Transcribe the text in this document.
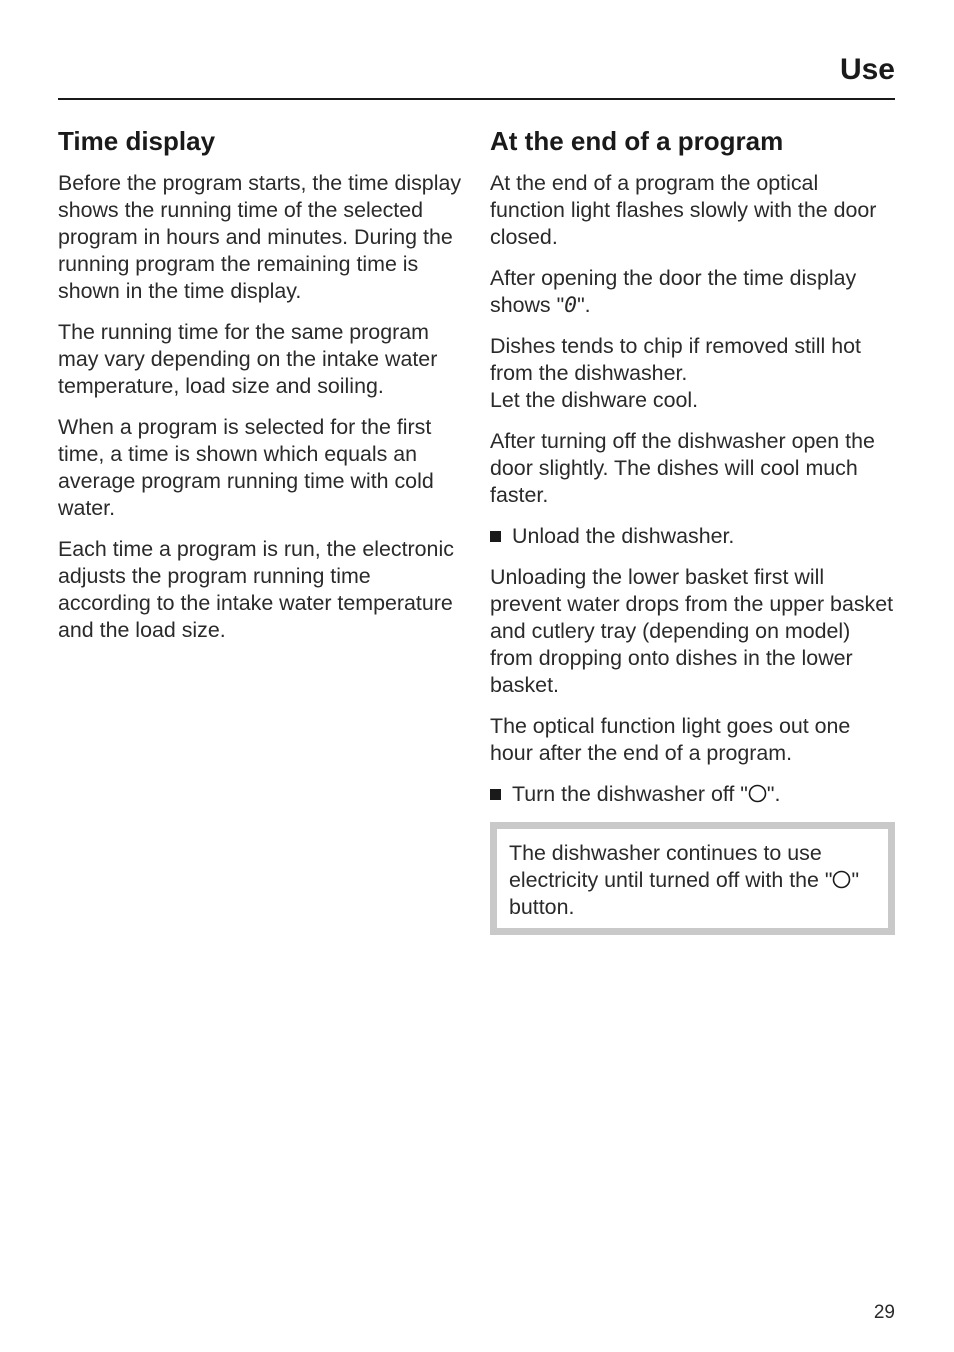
Use
Time display

Before the program starts, the time display shows the running time of the selected program in hours and minutes. During the running program the remaining time is shown in the time display.

The running time for the same program may vary depending on the intake water temperature, load size and soiling.

When a program is selected for the first time, a time is shown which equals an average program running time with cold water.

Each time a program is run, the electronic adjusts the program running time according to the intake water temperature and the load size.

At the end of a program

At the end of a program the optical function light flashes slowly with the door closed.

After opening the door the time display shows "0".

Dishes tends to chip if removed still hot from the dishwasher.
Let the dishware cool.

After turning off the dishwasher open the door slightly. The dishes will cool much faster.

Unload the dishwasher.

Unloading the lower basket first will prevent water drops from the upper basket and cutlery tray (depending on model) from dropping onto dishes in the lower basket.

The optical function light goes out one hour after the end of a program.

Turn the dishwasher off " ".
The dishwasher continues to use electricity until turned off with the " " button.
29
